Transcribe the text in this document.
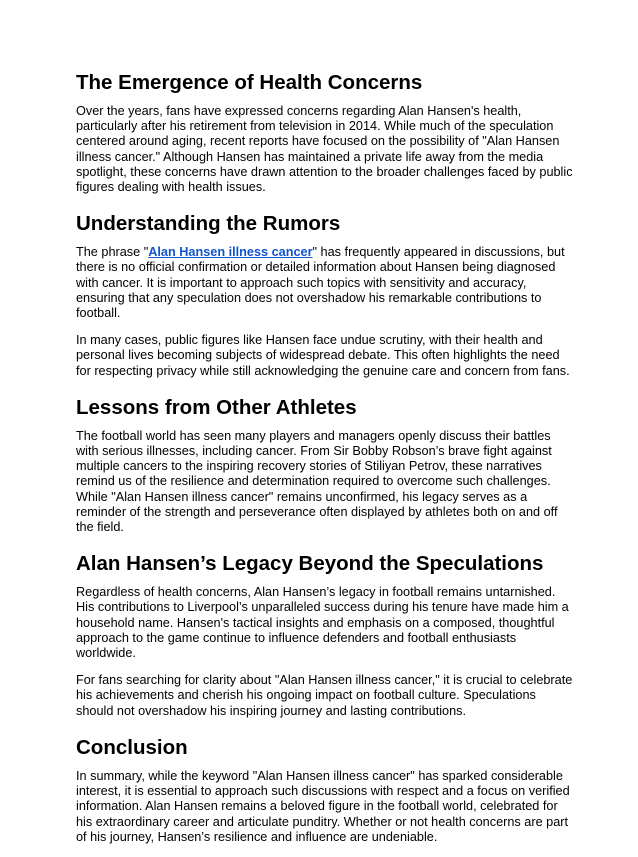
The Emergence of Health Concerns

Over the years, fans have expressed concerns regarding Alan Hansen's health, particularly after his retirement from television in 2014. While much of the speculation centered around aging, recent reports have focused on the possibility of "Alan Hansen illness cancer." Although Hansen has maintained a private life away from the media spotlight, these concerns have drawn attention to the broader challenges faced by public figures dealing with health issues.

Understanding the Rumors

The phrase "Alan Hansen illness cancer" has frequently appeared in discussions, but there is no official confirmation or detailed information about Hansen being diagnosed with cancer. It is important to approach such topics with sensitivity and accuracy, ensuring that any speculation does not overshadow his remarkable contributions to football.

In many cases, public figures like Hansen face undue scrutiny, with their health and personal lives becoming subjects of widespread debate. This often highlights the need for respecting privacy while still acknowledging the genuine care and concern from fans.

Lessons from Other Athletes

The football world has seen many players and managers openly discuss their battles with serious illnesses, including cancer. From Sir Bobby Robson’s brave fight against multiple cancers to the inspiring recovery stories of Stiliyan Petrov, these narratives remind us of the resilience and determination required to overcome such challenges. While "Alan Hansen illness cancer" remains unconfirmed, his legacy serves as a reminder of the strength and perseverance often displayed by athletes both on and off the field.

Alan Hansen’s Legacy Beyond the Speculations

Regardless of health concerns, Alan Hansen’s legacy in football remains untarnished. His contributions to Liverpool’s unparalleled success during his tenure have made him a household name. Hansen's tactical insights and emphasis on a composed, thoughtful approach to the game continue to influence defenders and football enthusiasts worldwide.

For fans searching for clarity about "Alan Hansen illness cancer," it is crucial to celebrate his achievements and cherish his ongoing impact on football culture. Speculations should not overshadow his inspiring journey and lasting contributions.

Conclusion

In summary, while the keyword "Alan Hansen illness cancer" has sparked considerable interest, it is essential to approach such discussions with respect and a focus on verified information. Alan Hansen remains a beloved figure in the football world, celebrated for his extraordinary career and articulate punditry. Whether or not health concerns are part of his journey, Hansen’s resilience and influence are undeniable.
